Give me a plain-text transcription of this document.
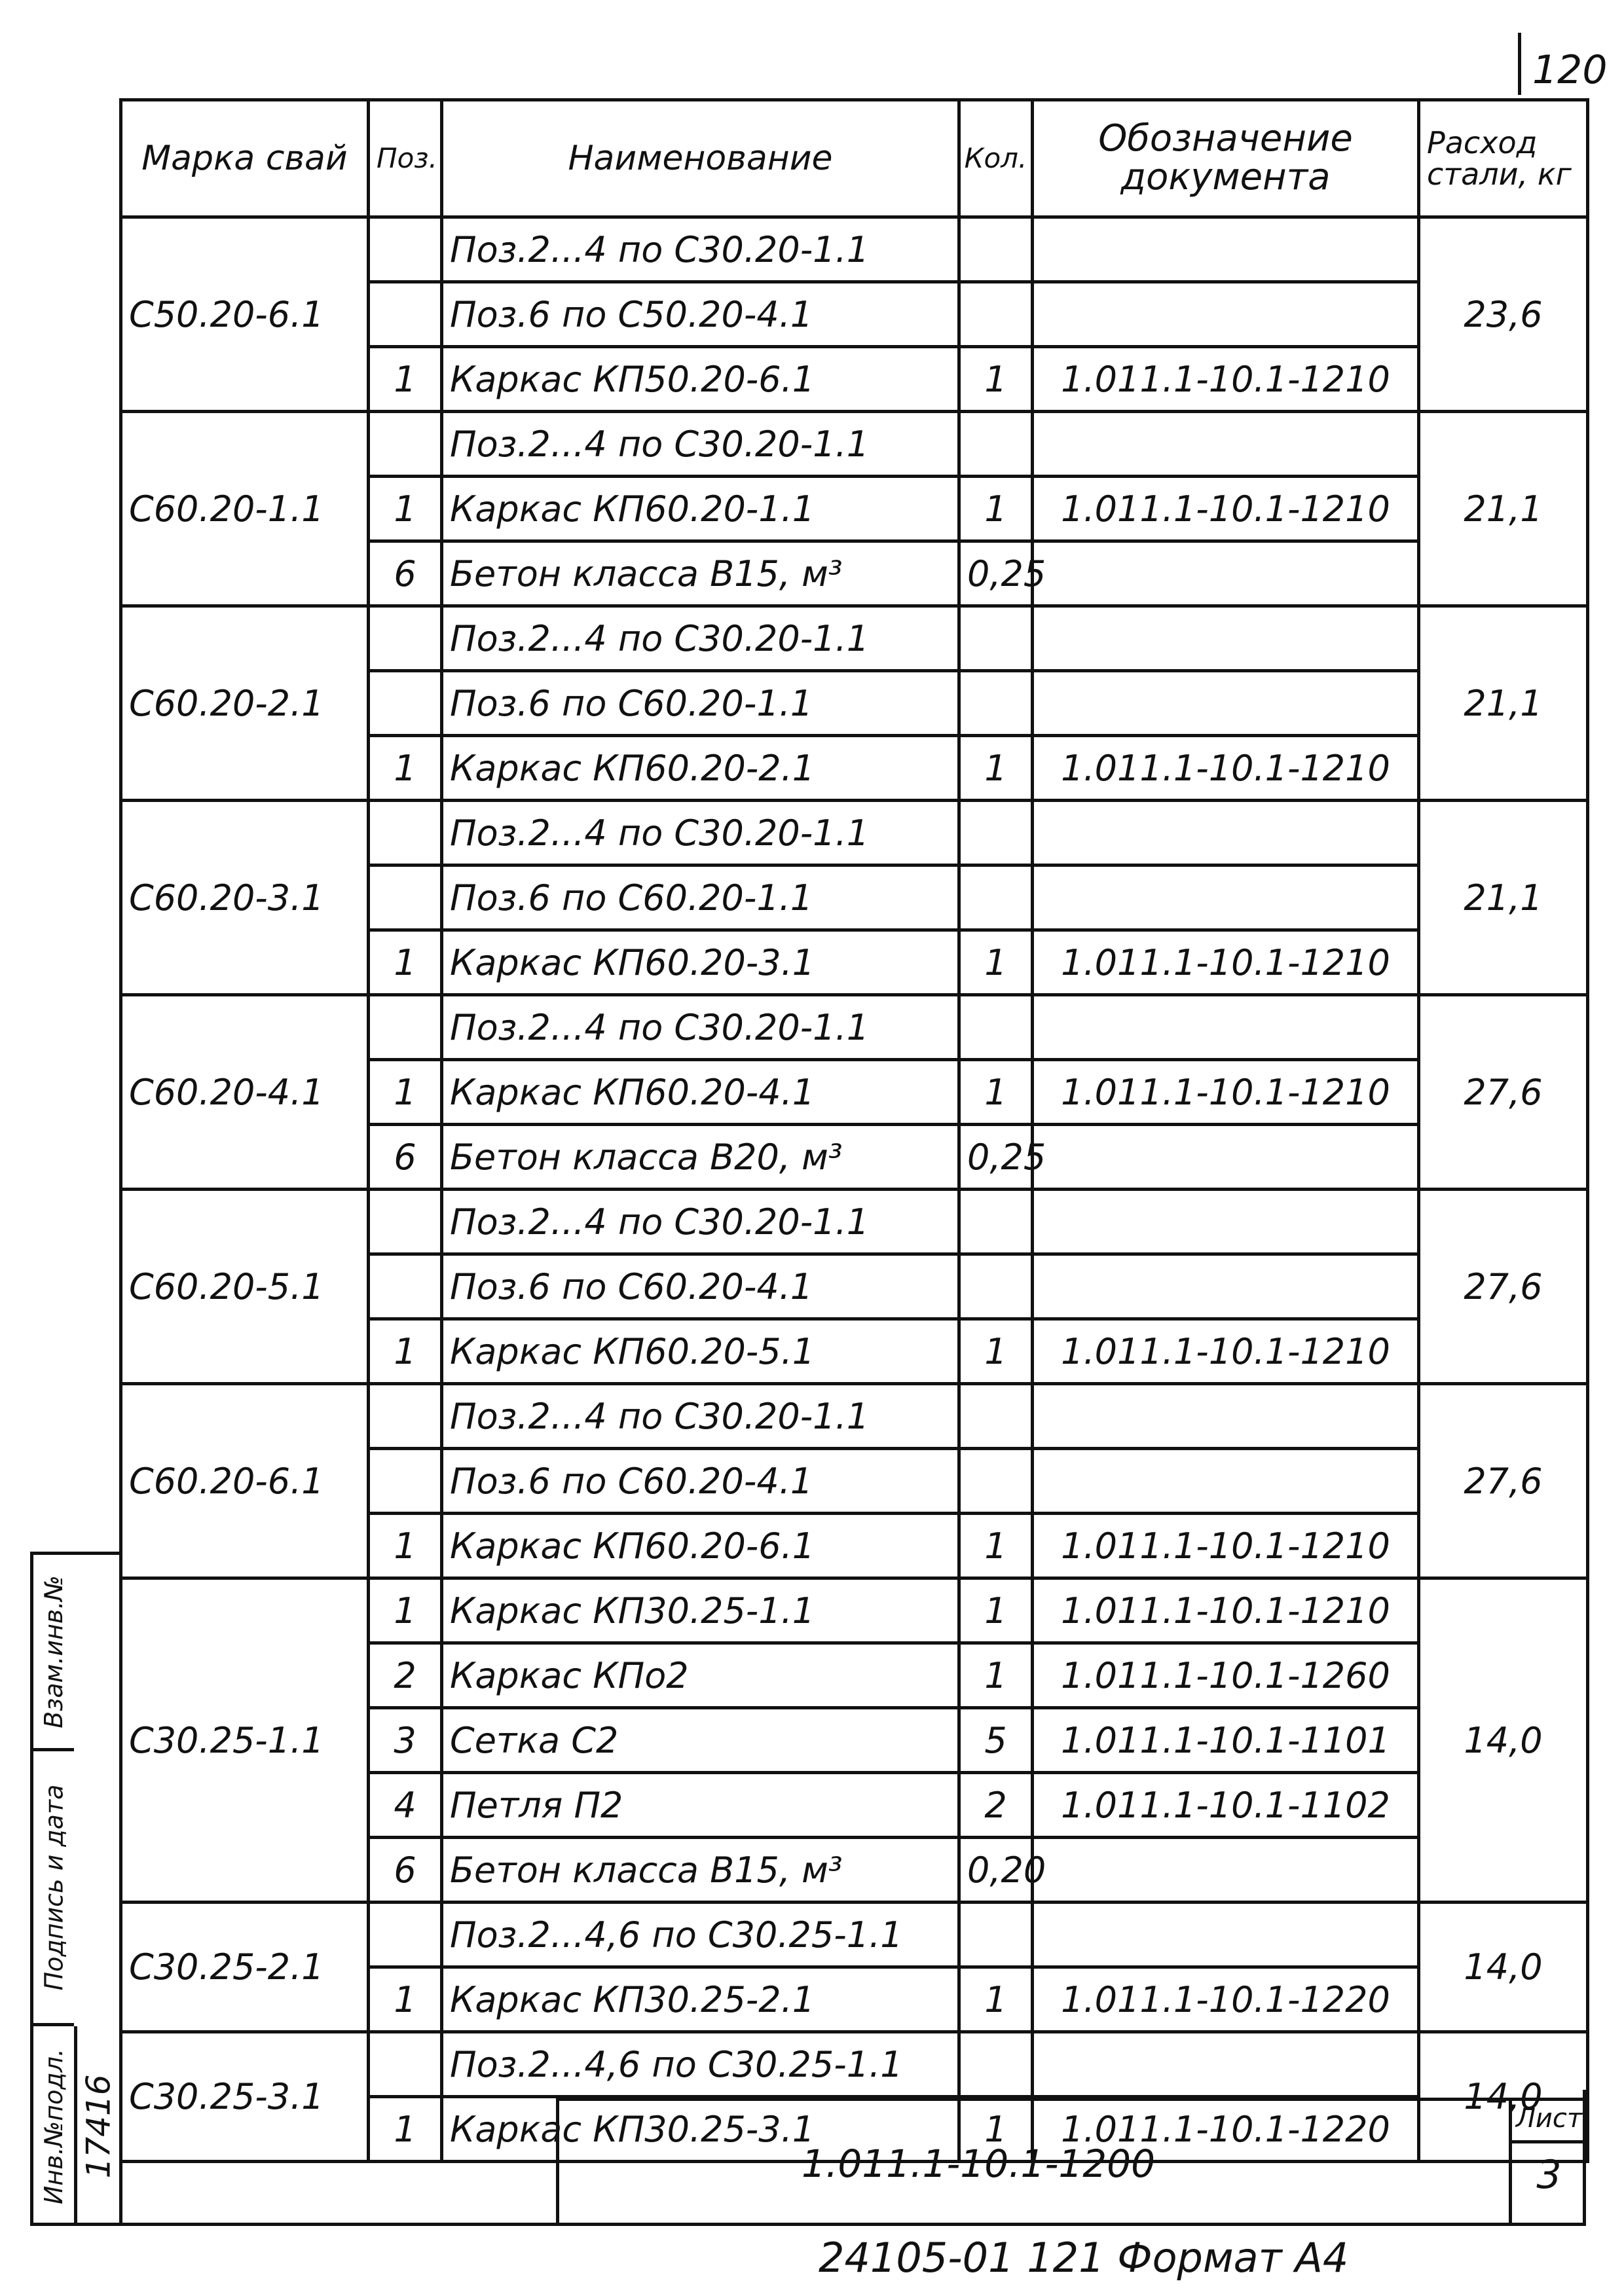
120
Марка свай	Поз.	Наименование	Кол.	Обозначение документа	Расход стали, кг
С50.20-6.1		Поз.2...4 по С30.20-1.1			23,6
		Поз.6 по С50.20-4.1			
	1	Каркас КП50.20-6.1	1	1.011.1-10.1-1210	
С60.20-1.1		Поз.2...4 по С30.20-1.1			21,1
	1	Каркас КП60.20-1.1	1	1.011.1-10.1-1210	
	6	Бетон класса В15, м³	0,25		
С60.20-2.1		Поз.2...4 по С30.20-1.1			21,1
		Поз.6 по С60.20-1.1			
	1	Каркас КП60.20-2.1	1	1.011.1-10.1-1210	
С60.20-3.1		Поз.2...4 по С30.20-1.1			21,1
		Поз.6 по С60.20-1.1			
	1	Каркас КП60.20-3.1	1	1.011.1-10.1-1210	
С60.20-4.1		Поз.2...4 по С30.20-1.1			27,6
	1	Каркас КП60.20-4.1	1	1.011.1-10.1-1210	
	6	Бетон класса В20, м³	0,25		
С60.20-5.1		Поз.2...4 по С30.20-1.1			27,6
		Поз.6 по С60.20-4.1			
	1	Каркас КП60.20-5.1	1	1.011.1-10.1-1210	
С60.20-6.1		Поз.2...4 по С30.20-1.1			27,6
		Поз.6 по С60.20-4.1			
	1	Каркас КП60.20-6.1	1	1.011.1-10.1-1210	
С30.25-1.1	1	Каркас КП30.25-1.1	1	1.011.1-10.1-1210	14,0
	2	Каркас КПо2	1	1.011.1-10.1-1260	
	3	Сетка С2	5	1.011.1-10.1-1101	
	4	Петля П2	2	1.011.1-10.1-1102	
	6	Бетон класса В15, м³	0,20		
С30.25-2.1		Поз.2...4,6 по С30.25-1.1			14,0
	1	Каркас КП30.25-2.1	1	1.011.1-10.1-1220	
С30.25-3.1		Поз.2...4,6 по С30.25-1.1			14,0
	1	Каркас КП30.25-3.1	1	1.011.1-10.1-1220	
1.011.1-10.1-1200
Лист
3
Взам.инв.№
Подпись и дата
Инв.№подл. 17416
24105-01 121 Формат А4
